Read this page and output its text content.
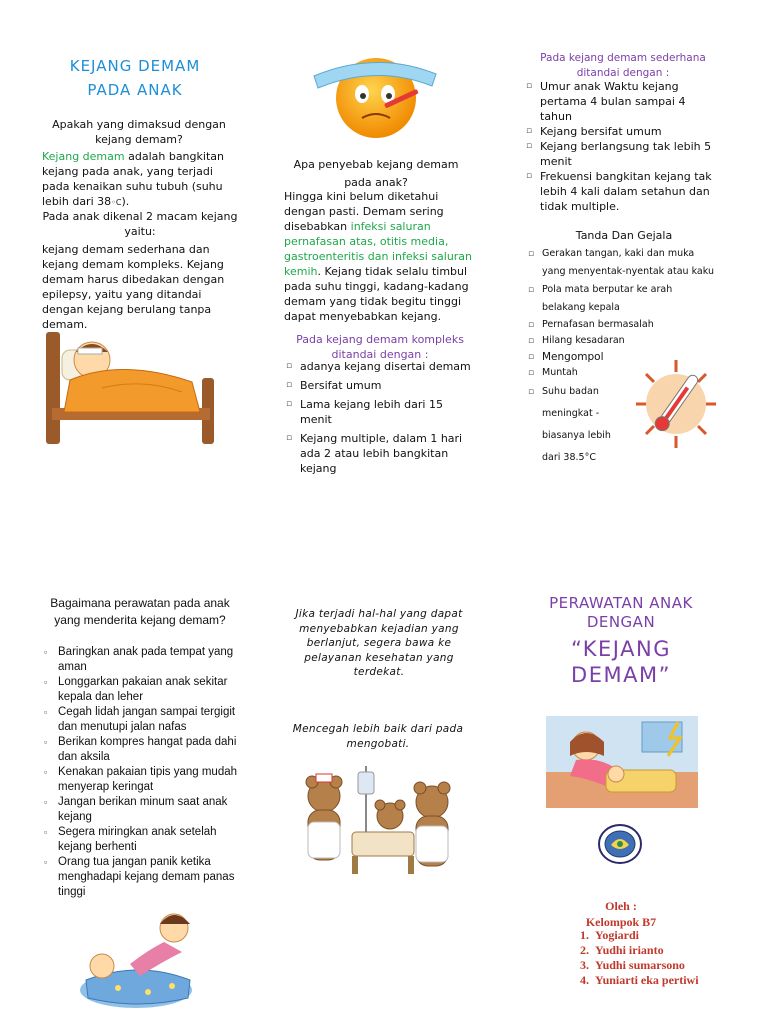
KEJANG DEMAM
PADA ANAK
Apakah yang dimaksud dengan kejang demam?
Kejang demam adalah bangkitan kejang pada anak, yang terjadi pada kenaikan suhu tubuh (suhu lebih dari 38◦C).
Pada anak dikenal 2 macam kejang yaitu:
kejang demam sederhana dan kejang demam kompleks. Kejang demam harus dibedakan dengan epilepsy, yaitu yang ditandai dengan kejang berulang tanpa demam.
Apa penyebab kejang demam pada anak?
Hingga kini belum diketahui dengan pasti. Demam sering disebabkan infeksi saluran pernafasan atas, otitis media, gastroenteritis dan infeksi saluran kemih. Kejang tidak selalu timbul pada suhu tinggi, kadang-kadang demam yang tidak begitu tinggi dapat menyebabkan kejang.
Pada kejang demam kompleks ditandai dengan :
▫ adanya kejang disertai demam
▫ Bersifat umum
▫ Lama kejang lebih dari 15 menit
▫ Kejang multiple, dalam 1 hari ada 2 atau lebih bangkitan kejang
Pada kejang demam sederhana ditandai dengan :
▫ Umur anak Waktu kejang pertama 4 bulan sampai 4 tahun
▫ Kejang bersifat umum
▫ Kejang berlangsung tak lebih 5 menit
▫ Frekuensi bangkitan kejang tak lebih 4 kali dalam setahun dan tidak multiple.
Tanda Dan Gejala
▫ Gerakan tangan, kaki dan muka yang menyentak-nyentak atau kaku
▫ Pola mata berputar ke arah belakang kepala
▫ Pernafasan bermasalah
▫ Hilang kesadaran
▫ Mengompol
▫ Muntah
▫ Suhu badan meningkat - biasanya lebih dari 38.5°C
Bagaimana perawatan pada anak yang menderita kejang demam?
▫ Baringkan anak pada tempat yang aman
▫ Longgarkan pakaian anak sekitar kepala dan leher
▫ Cegah lidah jangan sampai tergigit dan menutupi jalan nafas
▫ Berikan kompres hangat pada dahi dan aksila
▫ Kenakan pakaian tipis yang mudah menyerap keringat
▫ Jangan berikan minum saat anak kejang
▫ Segera miringkan anak setelah kejang berhenti
▫ Orang tua jangan panik ketika menghadapi kejang demam panas tinggi
Jika terjadi hal-hal yang dapat menyebabkan kejadian yang berlanjut, segera bawa ke pelayanan kesehatan yang terdekat.
Mencegah lebih baik dari pada mengobati.
PERAWATAN ANAK
DENGAN
“KEJANG
DEMAM”
Oleh :
Kelompok B7
1.  Yogiardi
2.  Yudhi irianto
3.  Yudhi sumarsono
4.  Yuniarti eka pertiwi
